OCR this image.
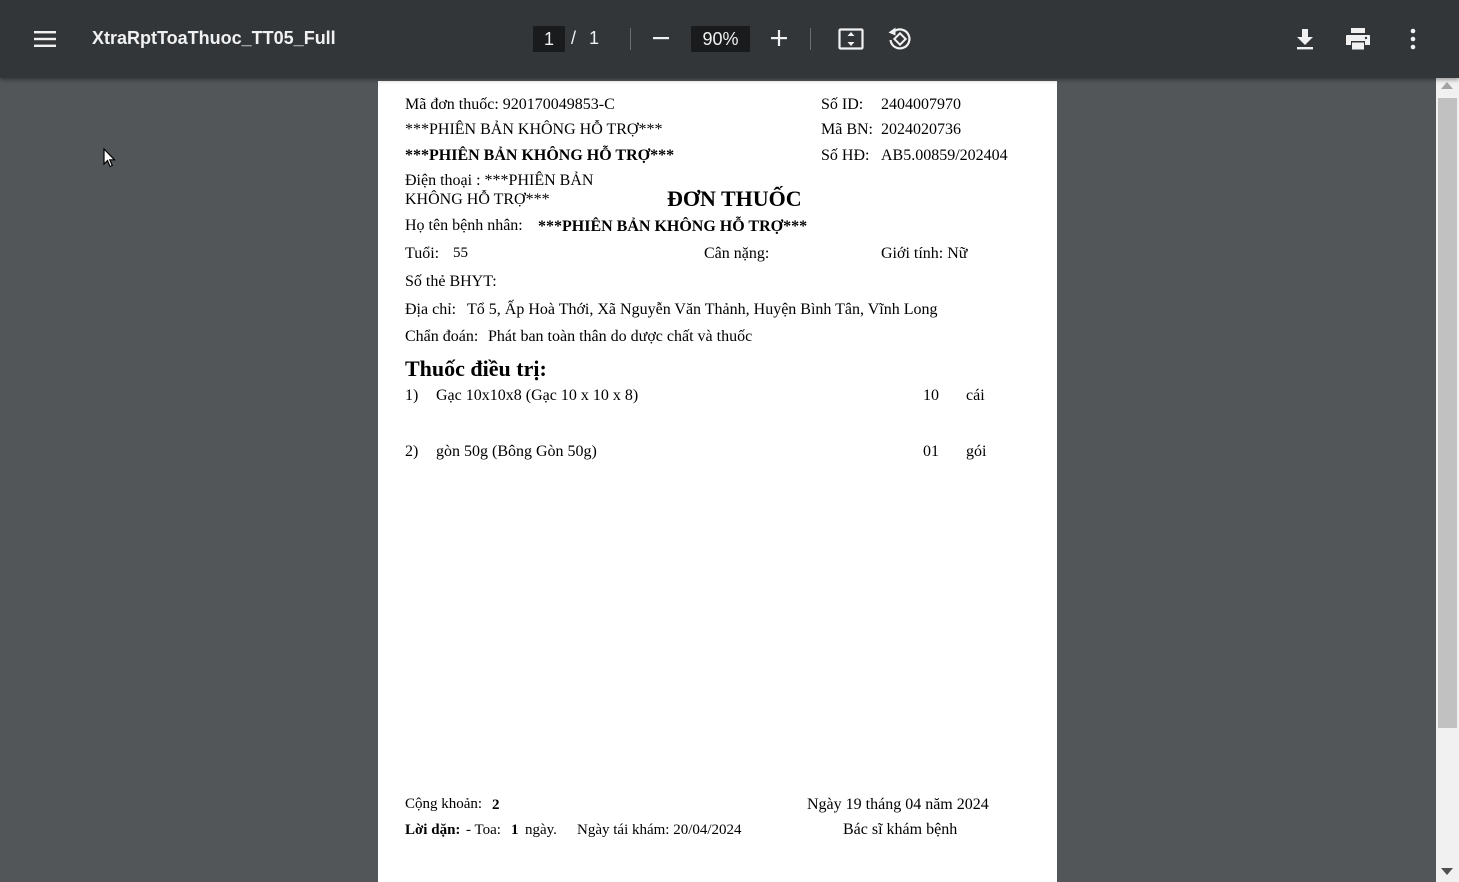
XtraRptToaThuoc_TT05_Full	1 / 1	90%
Mã đơn thuốc: 920170049853-C
***PHIÊN BẢN KHÔNG HỖ TRỢ***
***PHIÊN BẢN KHÔNG HỖ TRỢ***
Số ID: 2404007970
Mã BN: 2024020736
Số HĐ: AB5.00859/202404
Điện thoại : ***PHIÊN BẢN
KHÔNG HỖ TRỢ***	ĐƠN THUỐC
Họ tên bệnh nhân: ***PHIÊN BẢN KHÔNG HỖ TRỢ***
Tuổi: 55	Cân nặng:	Giới tính: Nữ
Số thẻ BHYT:
Địa chỉ: Tổ 5, Ấp Hoà Thới, Xã Nguyễn Văn Thảnh, Huyện Bình Tân, Vĩnh Long
Chẩn đoán: Phát ban toàn thân do dược chất và thuốc
Thuốc điều trị:
1) Gạc 10x10x8 (Gạc 10 x 10 x 8)	10 cái
2) gòn 50g (Bông Gòn 50g)	01 gói
Cộng khoản: 2
Lời dặn: - Toa: 1 ngày. Ngày tái khám: 20/04/2024
Ngày 19 tháng 04 năm 2024
Bác sĩ khám bệnh
